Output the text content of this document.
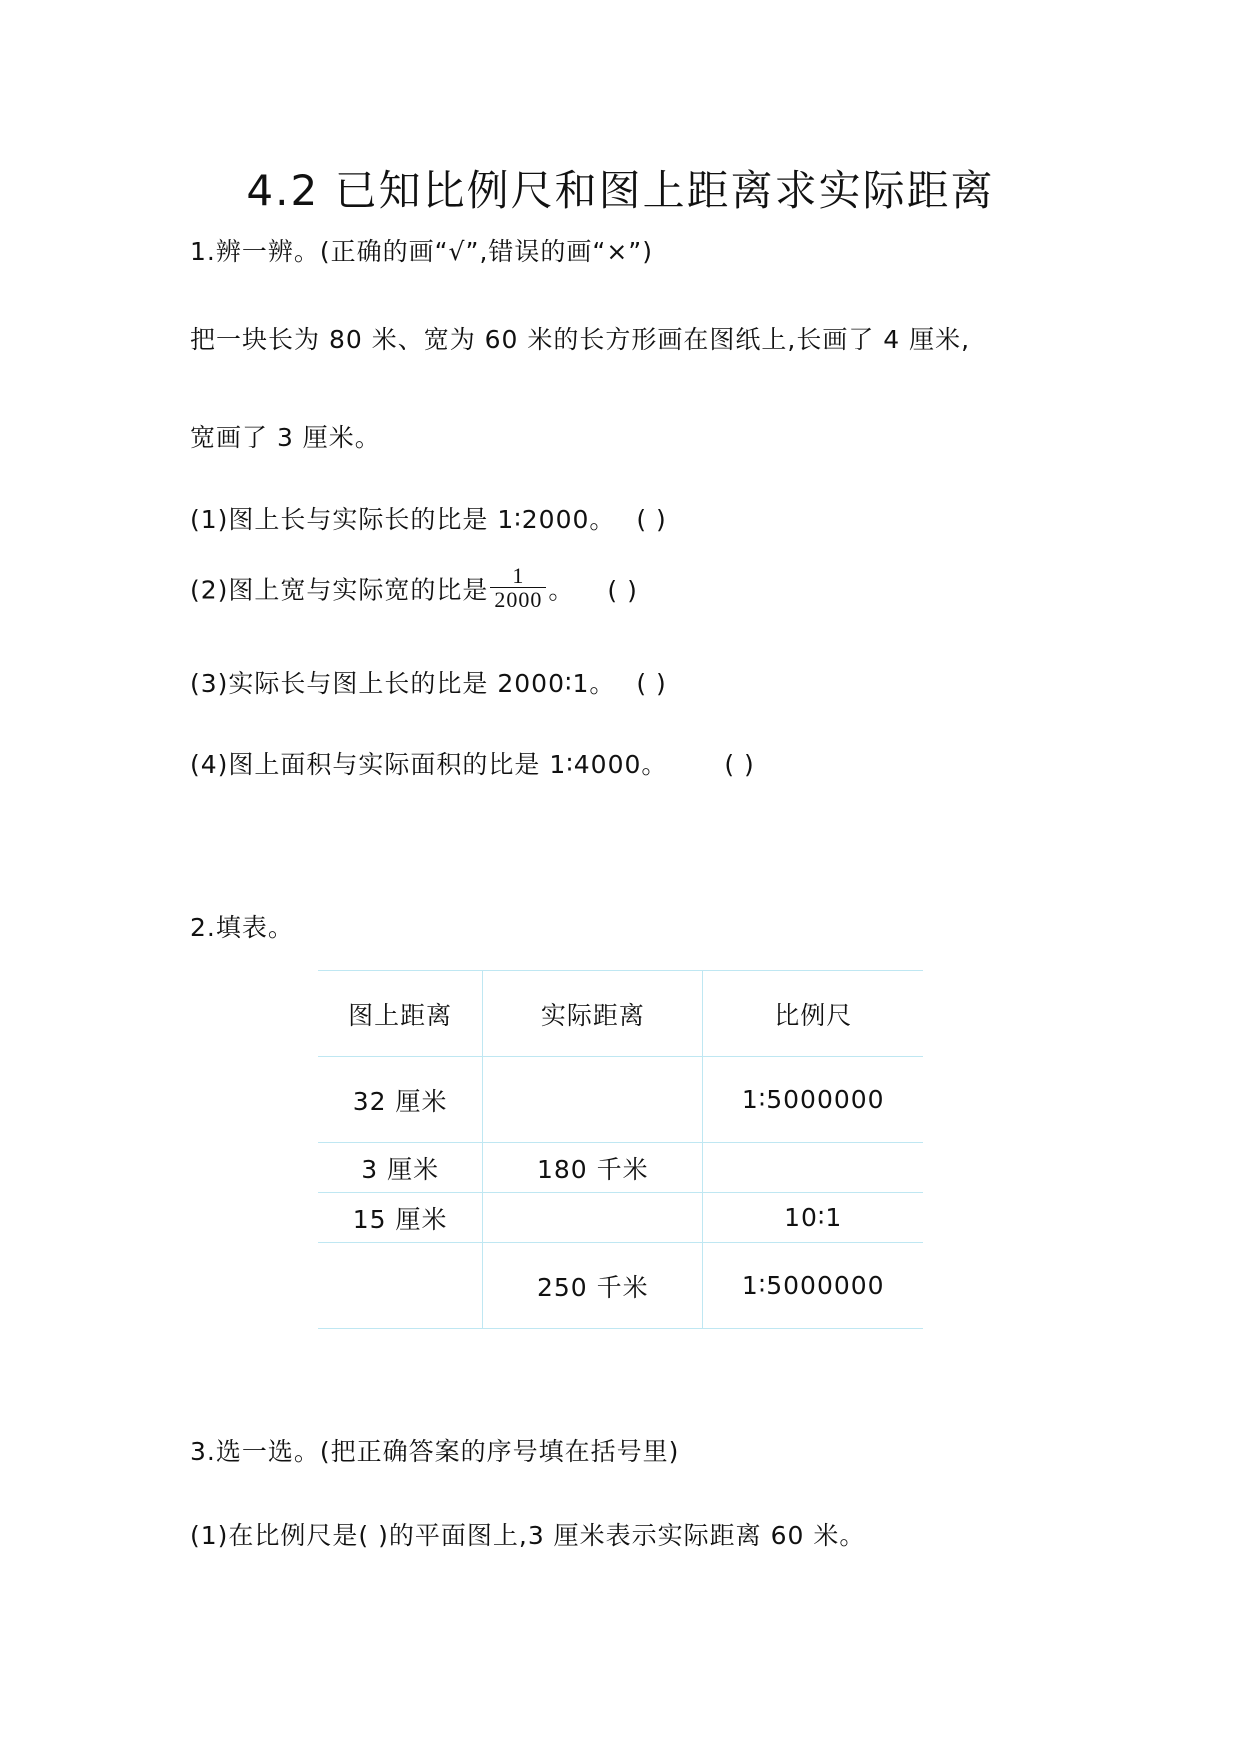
4.2 已知比例尺和图上距离求实际距离
1.辨一辨。(正确的画“√”,错误的画“×”)
把一块长为 80 米、宽为 60 米的长方形画在图纸上,长画了 4 厘米,
宽画了 3 厘米。
(1)图上长与实际长的比是 1∶2000。 ( )
(2)图上宽与实际宽的比是 $\frac{1}{2000}$ 。 ( )
(3)实际长与图上长的比是 2000∶1。 ( )
(4)图上面积与实际面积的比是 1∶4000。 ( )
2.填表。
图上距离	实际距离	比例尺
32 厘米		1∶5000000
3 厘米	180 千米	
15 厘米		10∶1
	250 千米	1∶5000000
3.选一选。(把正确答案的序号填在括号里)
(1)在比例尺是( )的平面图上,3 厘米表示实际距离 60 米。
